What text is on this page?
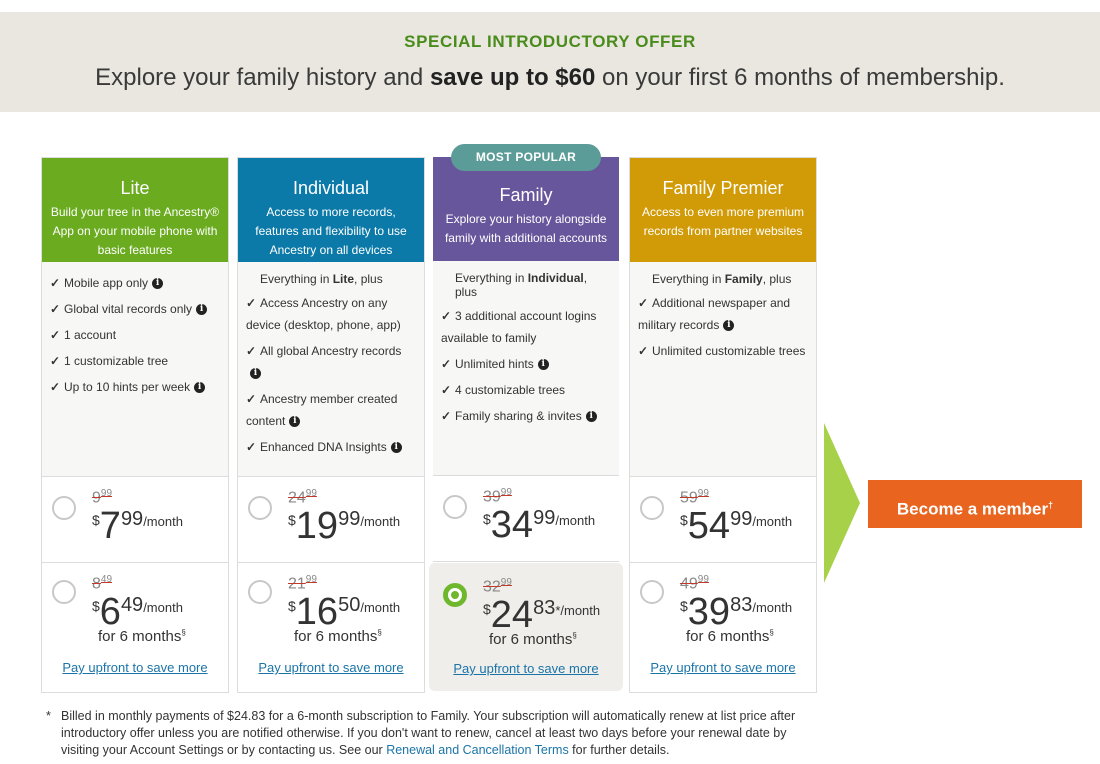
SPECIAL INTRODUCTORY OFFER
Explore your family history and save up to $60 on your first 6 months of membership.
Lite
Build your tree in the Ancestry® App on your mobile phone with basic features
✓ Mobile app only i
✓ Global vital records only i
✓ 1 account
✓ 1 customizable tree
✓ Up to 10 hints per week i
$9^{99}$
$\$799^{/month}$
$8^{49}$
$\$649^{/month}$
for 6 months§
Pay upfront to save more
Individual
Access to more records, features and flexibility to use Ancestry on all devices
Everything in Lite, plus
✓ Access Ancestry on any device (desktop, phone, app)
✓ All global Ancestry recordsi
✓ Ancestry member created content i
✓ Enhanced DNA Insights i
$24^{99}$
$\$1999^{/month}$
$21^{99}$
$\$1650^{/month}$
for 6 months§
Pay upfront to save more
Family
Explore your history alongside family with additional accounts
Everything in Individual, plus
✓ 3 additional account logins available to family
✓ Unlimited hints i
✓ 4 customizable trees
✓ Family sharing & invites i
$39^{99}$
$\$3499^{/month}$
$32^{99}$
$\$2483^{*/month}$
for 6 months§
Pay upfront to save more
Family Premier
Access to even more premium records from partner websites
Everything in Family, plus
✓ Additional newspaper and military records i
✓ Unlimited customizable trees
$59^{99}$
$\$5499^{/month}$
$49^{99}$
$\$3983^{/month}$
for 6 months§
Pay upfront to save more
MOST POPULAR
Become a member†
* Billed in monthly payments of $24.83 for a 6-month subscription to Family. Your subscription will automatically renew at list price after introductory offer unless you are notified otherwise. If you don't want to renew, cancel at least two days before your renewal date by visiting your Account Settings or by contacting us. See our Renewal and Cancellation Terms for further details.
